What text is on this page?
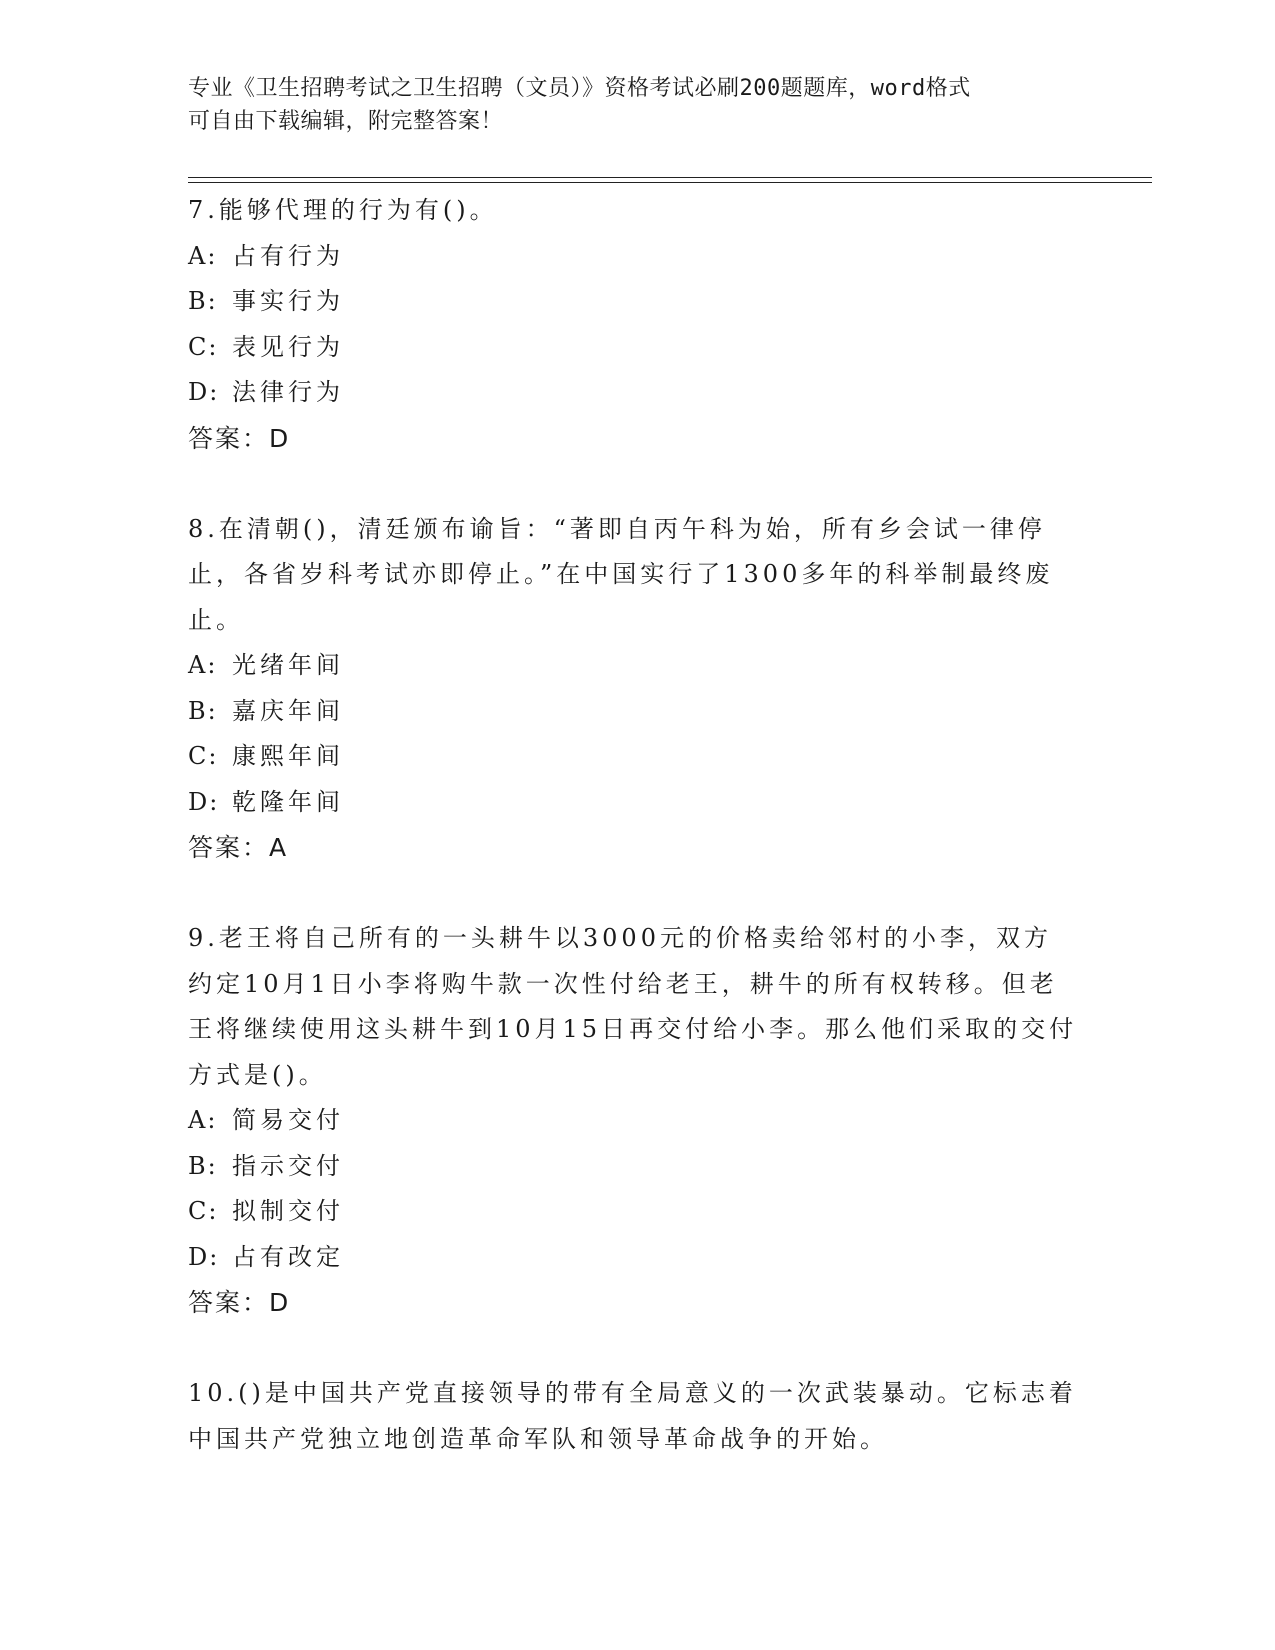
专业《卫生招聘考试之卫生招聘（文员）》资格考试必刷200题题库，word格式
可自由下载编辑，附完整答案！
7.能够代理的行为有()。
A: 占有行为
B: 事实行为
C: 表见行为
D: 法律行为
答案：D
8.在清朝()，清廷颁布谕旨：“著即自丙午科为始，所有乡会试一律停止，各省岁科考试亦即停止。”在中国实行了1300多年的科举制最终废止。
A: 光绪年间
B: 嘉庆年间
C: 康熙年间
D: 乾隆年间
答案：A
9.老王将自己所有的一头耕牛以3000元的价格卖给邻村的小李，双方约定10月1日小李将购牛款一次性付给老王，耕牛的所有权转移。但老王将继续使用这头耕牛到10月15日再交付给小李。那么他们采取的交付方式是()。
A: 简易交付
B: 指示交付
C: 拟制交付
D: 占有改定
答案：D
10.()是中国共产党直接领导的带有全局意义的一次武装暴动。它标志着中国共产党独立地创造革命军队和领导革命战争的开始。
